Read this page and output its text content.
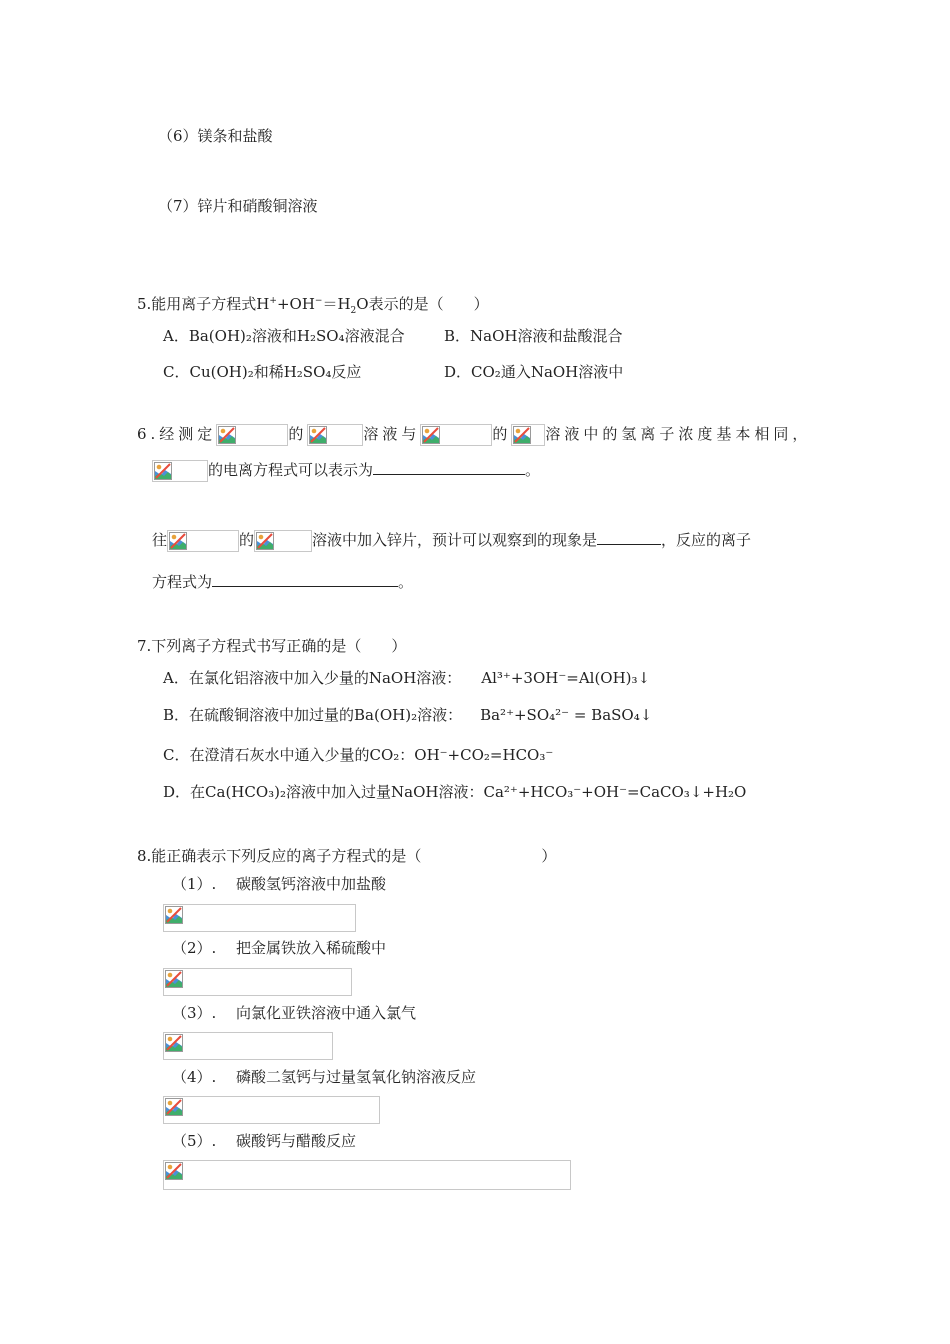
（6）镁条和盐酸
（7）锌片和硝酸铜溶液
5.能用离子方程式$H^++OH^-=H_2O$表示的是（　　）
A．Ba(OH)₂溶液和H₂SO₄溶液混合	B．NaOH溶液和盐酸混合
C．Cu(OH)₂和稀H₂SO₄反应	D．CO₂通入NaOH溶液中
6.经测定	的	溶液与	的 溶液中的氢离子浓度基本相同，
的电离方程式可以表示为	。
往	的	溶液中加入锌片，预计可以观察到的现象是	，反应的离子
方程式为	。
7.下列离子方程式书写正确的是（　　）
A．在氯化铝溶液中加入少量的NaOH溶液： Al³⁺+3OH⁻=Al(OH)₃↓
B．在硫酸铜溶液中加过量的Ba(OH)₂溶液： Ba²⁺+SO₄²⁻ = BaSO₄↓
C．在澄清石灰水中通入少量的CO₂：OH⁻+CO₂=HCO₃⁻
D．在Ca(HCO₃)₂溶液中加入过量NaOH溶液：Ca²⁺+HCO₃⁻+OH⁻=CaCO₃↓+H₂O
8.能正确表示下列反应的离子方程式的是（　　　　　　　　）
（1）. 碳酸氢钙溶液中加盐酸
（2）. 把金属铁放入稀硫酸中
（3）. 向氯化亚铁溶液中通入氯气
（4）. 磷酸二氢钙与过量氢氧化钠溶液反应
（5）. 碳酸钙与醋酸反应
